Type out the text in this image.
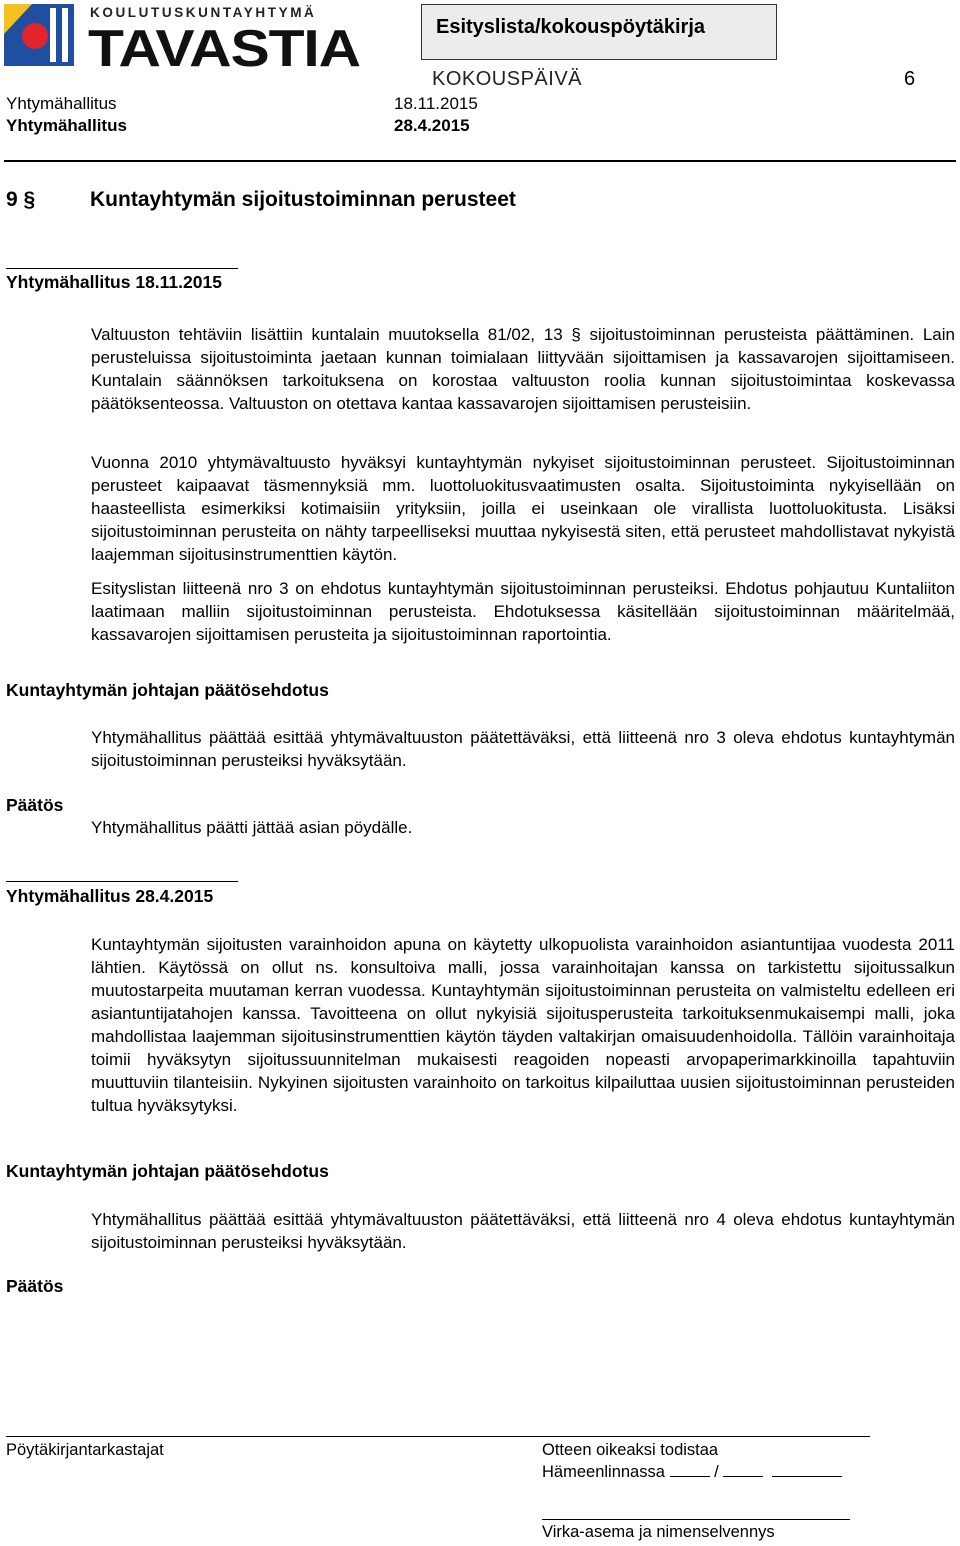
KOULUTUSKUNTAYHTYMÄ
TAVASTIA	Esityslista/kokouspöytäkirja
KOKOUSPÄIVÄ	6
Yhtymähallitus	18.11.2015
Yhtymähallitus	28.4.2015
9 §	Kuntayhtymän sijoitustoiminnan perusteet
Yhtymähallitus 18.11.2015
Valtuuston tehtäviin lisättiin kuntalain muutoksella 81/02, 13 § sijoitustoiminnan perusteista päättäminen. Lain perusteluissa sijoitustoiminta jaetaan kunnan toimialaan liittyvään sijoittamisen ja kassavarojen sijoittamiseen. Kuntalain säännöksen tarkoituksena on korostaa valtuuston roolia kunnan sijoitustoimintaa koskevassa päätöksenteossa. Valtuuston on otettava kantaa kassavarojen sijoittamisen perusteisiin.
Vuonna 2010 yhtymävaltuusto hyväksyi kuntayhtymän nykyiset sijoitustoiminnan perusteet. Sijoitustoiminnan perusteet kaipaavat täsmennyksiä mm. luottoluokitusvaatimusten osalta. Sijoitustoiminta nykyisellään on haasteellista esimerkiksi kotimaisiin yrityksiin, joilla ei useinkaan ole virallista luottoluokitusta. Lisäksi sijoitustoiminnan perusteita on nähty tarpeelliseksi muuttaa nykyisestä siten, että perusteet mahdollistavat nykyistä laajemman sijoitusinstrumenttien käytön.
Esityslistan liitteenä nro 3 on ehdotus kuntayhtymän sijoitustoiminnan perusteiksi. Ehdotus pohjautuu Kuntaliiton laatimaan malliin sijoitustoiminnan perusteista. Ehdotuksessa käsitellään sijoitustoiminnan määritelmää, kassavarojen sijoittamisen perusteita ja sijoitustoiminnan raportointia.
Kuntayhtymän johtajan päätösehdotus
Yhtymähallitus päättää esittää yhtymävaltuuston päätettäväksi, että liitteenä nro 3 oleva ehdotus kuntayhtymän sijoitustoiminnan perusteiksi hyväksytään.
Päätös
Yhtymähallitus päätti jättää asian pöydälle.
Yhtymähallitus 28.4.2015
Kuntayhtymän sijoitusten varainhoidon apuna on käytetty ulkopuolista varainhoidon asiantuntijaa vuodesta 2011 lähtien. Käytössä on ollut ns. konsultoiva malli, jossa varainhoitajan kanssa on tarkistettu sijoitussalkun muutostarpeita muutaman kerran vuodessa. Kuntayhtymän sijoitustoiminnan perusteita on valmisteltu edelleen eri asiantuntijatahojen kanssa. Tavoitteena on ollut nykyisiä sijoitusperusteita tarkoituksenmukaisempi malli, joka mahdollistaa laajemman sijoitusinstrumenttien käytön täyden valtakirjan omaisuudenhoidolla. Tällöin varainhoitaja toimii hyväksytyn sijoitussuunnitelman mukaisesti reagoiden nopeasti arvopaperimarkkinoilla tapahtuviin muuttuviin tilanteisiin. Nykyinen sijoitusten varainhoito on tarkoitus kilpailuttaa uusien sijoitustoiminnan perusteiden tultua hyväksytyksi.
Kuntayhtymän johtajan päätösehdotus
Yhtymähallitus päättää esittää yhtymävaltuuston päätettäväksi, että liitteenä nro 4 oleva ehdotus kuntayhtymän sijoitustoiminnan perusteiksi hyväksytään.
Päätös
Pöytäkirjantarkastajat	Otteen oikeaksi todistaa
Hämeenlinnassa	/
Virka-asema ja nimenselvennys
